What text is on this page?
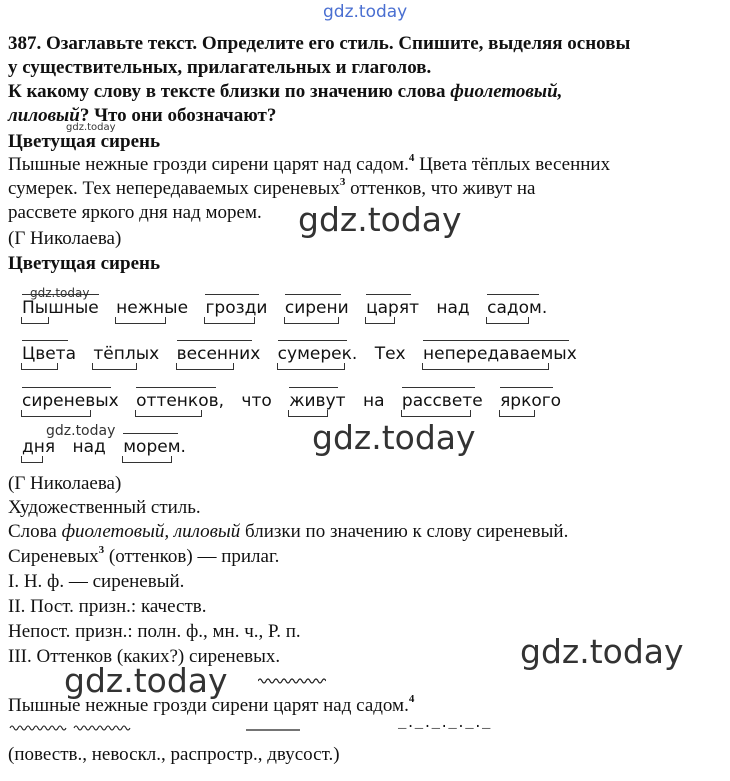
gdz.today
387. Озаглавьте текст. Определите его стиль. Спишите, выделяя основы
у существительных, прилагательных и глаголов.
К какому слову в тексте близки по значению слова фиолетовый,
лиловый? Что они обозначают?
gdz.today
Цветущая сирень
Пышные нежные грозди сирени царят над садом.$^4$ Цвета тёплых весенних
сумерек. Тех непередаваемых сиреневых$^3$ оттенков, что живут на
рассвете яркого дня над морем. gdz.today
(Г Николаева)
Цветущая сирень
gdz.today
Пышные нежные
грозди
сирени
царят над садом.
Цвета тёплых
весенних
сумерек. Тех непередаваемых
сиреневых
оттенков, что живут на рассвете
яркого
gdz.today	gdz.today
дня над морем.
(Г Николаева)
Художественный стиль.
Слова фиолетовый, лиловый близки по значению к слову сиреневый.
Сиреневых$^3$ (оттенков) — прилаг.
I. Н. ф. — сиреневый.
II. Пост. призн.: качеств.
Непост. призн.: полн. ф., мн. ч., Р. п.
III. Оттенков (каких?) сиреневых.	gdz.today
gdz.today
Пышные нежные грозди сирени царят над садом.$^4$
_._._._._._
(повеств., невоскл., распростр., двусост.)
